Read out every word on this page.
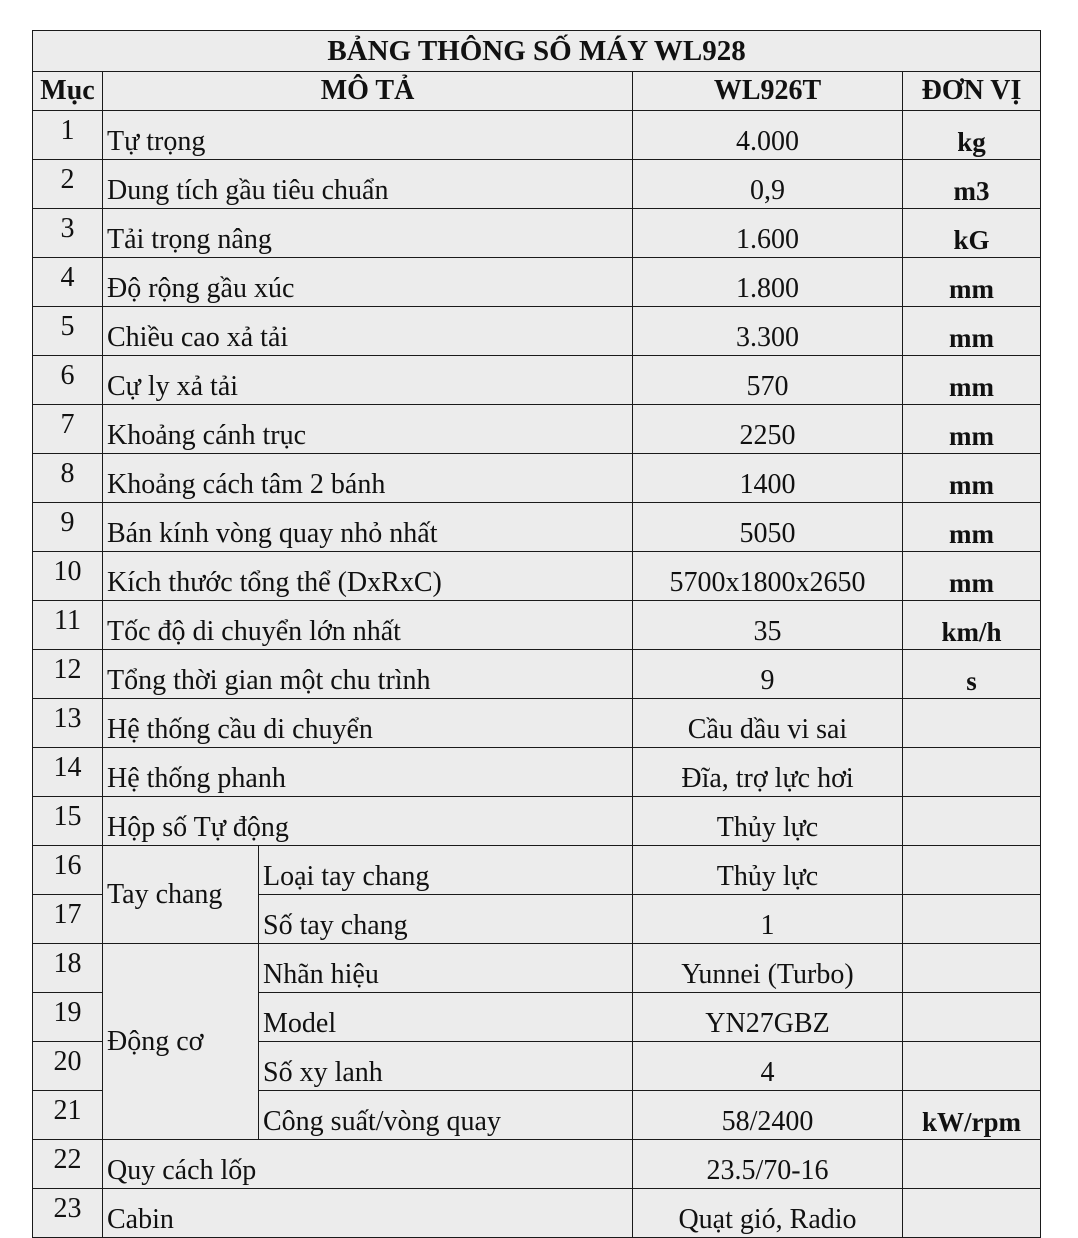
BẢNG THÔNG SỐ MÁY WL928				
Mục	MÔ TẢ		WL926T	ĐƠN VỊ
1	Tự trọng		4.000	kg
2	Dung tích gầu tiêu chuẩn		0,9	m3
3	Tải trọng nâng		1.600	kG
4	Độ rộng gầu xúc		1.800	mm
5	Chiều cao xả tải		3.300	mm
6	Cự ly xả tải		570	mm
7	Khoảng cánh trục		2250	mm
8	Khoảng cách tâm 2 bánh		1400	mm
9	Bán kính vòng quay nhỏ nhất		5050	mm
10	Kích thước tổng thể (DxRxC)		5700x1800x2650	mm
11	Tốc độ di chuyển lớn nhất		35	km/h
12	Tổng thời gian một chu trình		9	s
13	Hệ thống cầu di chuyển		Cầu dầu vi sai	
14	Hệ thống phanh		Đĩa, trợ lực hơi	
15	Hộp số Tự động		Thủy lực	
16	Tay chang	Loại tay chang	Thủy lực	
17		Số tay chang	1	
18	Động cơ	Nhãn hiệu	Yunnei (Turbo)	
19		Model	YN27GBZ	
20		Số xy lanh	4	
21		Công suất/vòng quay	58/2400	kW/rpm
22	Quy cách lốp		23.5/70-16	
23	Cabin		Quạt gió, Radio	
